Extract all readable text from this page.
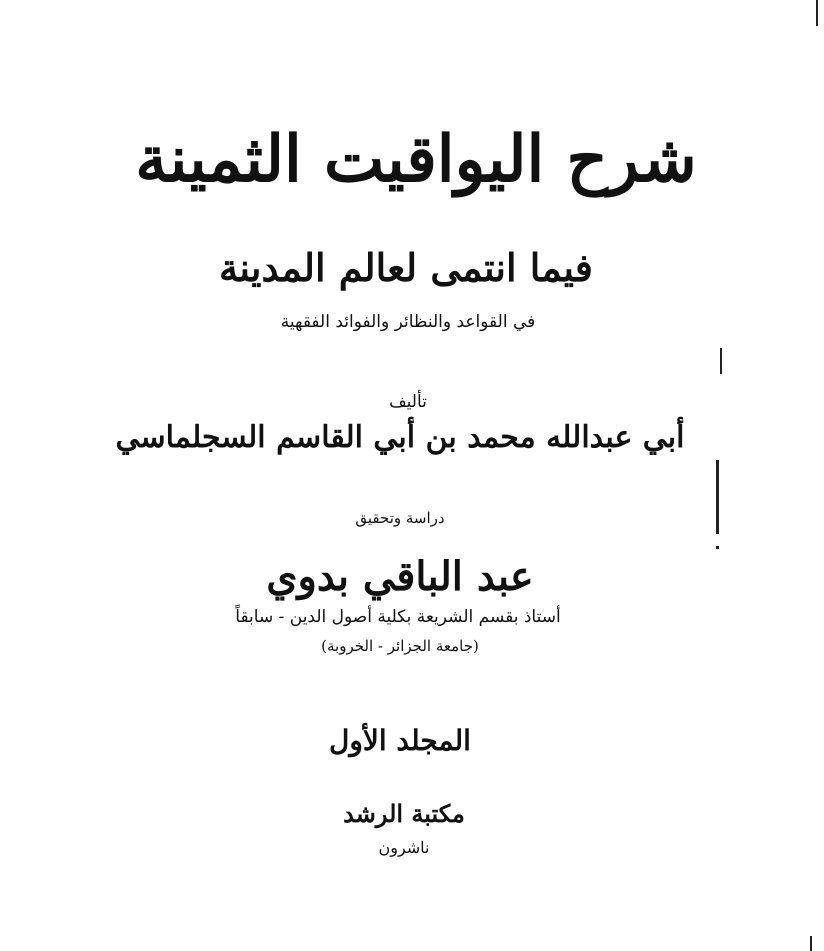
شرح اليواقيت الثمينة
فيما انتمى لعالم المدينة
في القواعد والنظائر والفوائد الفقهية
تأليف
أبي عبدالله محمد بن أبي القاسم السجلماسي
دراسة وتحقيق
عبد الباقي بدوي
أستاذ بقسم الشريعة بكلية أصول الدين - سابقاً
(جامعة الجزائر - الخروبة)
المجلد الأول
مكتبة الرشد
ناشرون
